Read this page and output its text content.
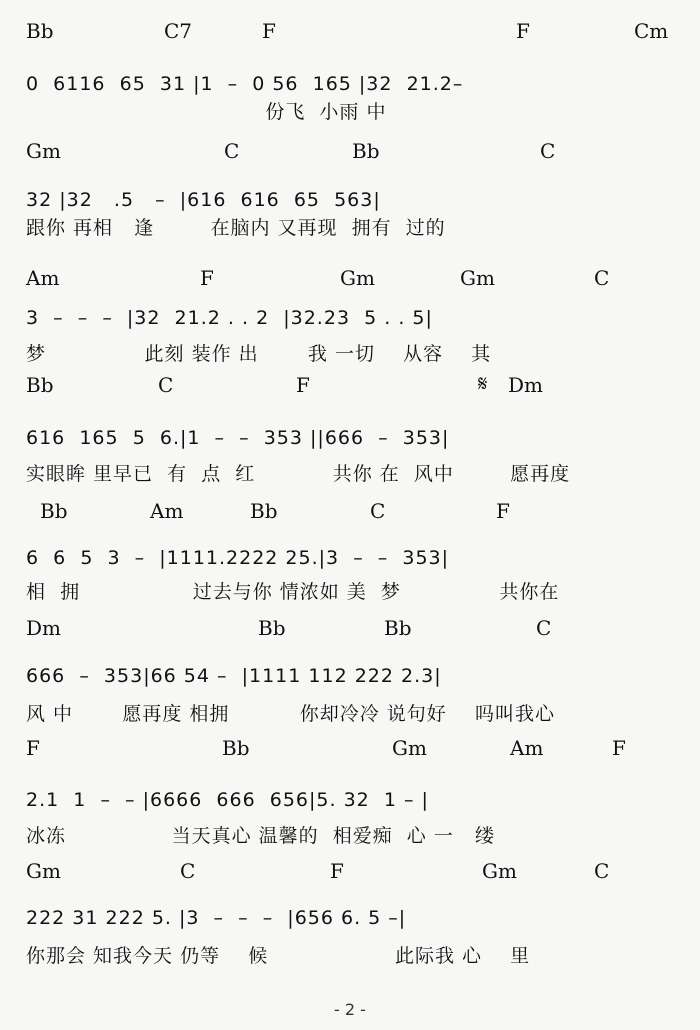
Bb	C7	F	F	Cm
0  6116  65  31 |1  –  0 56  165 |32  21.2–
份飞  小雨 中
Gm	C	Bb	C
32 |32   .5   –  |616  616  65  563|
跟你 再相   逢        在脑内 又再现  拥有  过的
Am	F	Gm	Gm	C
3  –  –  –  |32  21.2 . . 2  |32.23  5 . . 5|
梦              此刻 装作 出       我 一切    从容    其
Bb	C	F	Dm
𝄋
616  165  5  6.|1  –  –  353 ||666  –  353|
实眼眸 里早已  有  点  红           共你 在  风中        愿再度
Bb	Am	Bb	C	F
6  6  5  3  –  |1111.2222 25.|3  –  –  353|
相  拥                过去与你 情浓如 美  梦              共你在
Dm	Bb	Bb	C
666  –  353|66 54 –  |1111 112 222 2.3|
风 中       愿再度 相拥          你却冷冷 说句好    吗叫我心
F	Bb	Gm	Am	F
2.1  1  –  – |6666  666  656|5. 32  1 – |
冰冻               当天真心 温馨的  相爱痴  心 一   缕
Gm	C	F	Gm	C
222 31 222 5. |3  –  –  –  |656 6. 5 –|
你那会 知我今天 仍等    候                  此际我 心    里
- 2 -
